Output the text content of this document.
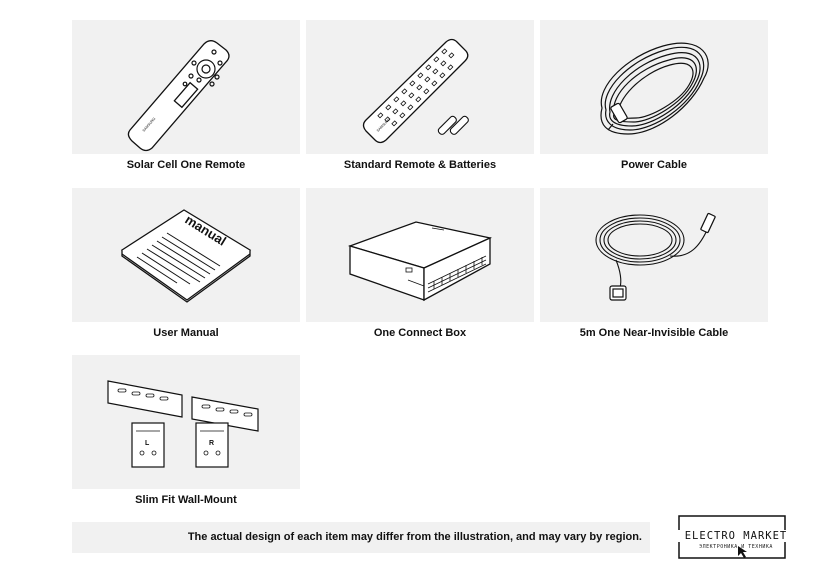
SAMSUNG
Solar Cell One Remote
SAMSUNG
Standard Remote & Batteries	Power Cable
manual
User Manual	One Connect Box	5m One Near-Invisible Cable
L	R
Slim Fit Wall-Mount
The actual design of each item may differ from the illustration, and may vary by region.	ELECTRO MARKET
ЭЛЕКТРОНИКА И ТЕХНИКА
